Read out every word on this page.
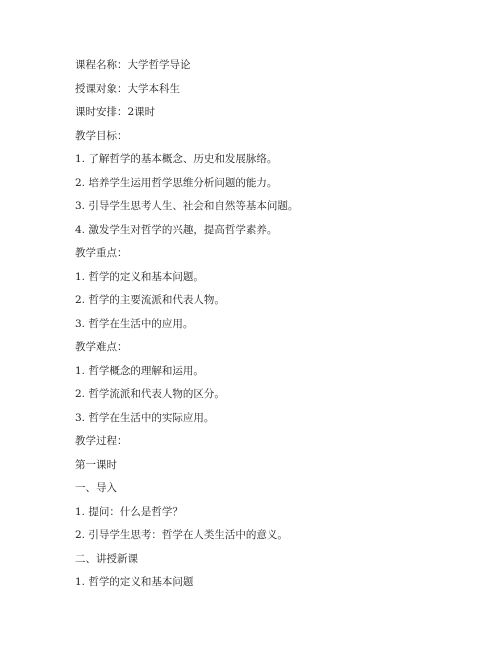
课程名称：大学哲学导论
授课对象：大学本科生
课时安排：2课时
教学目标：
1. 了解哲学的基本概念、历史和发展脉络。
2. 培养学生运用哲学思维分析问题的能力。
3. 引导学生思考人生、社会和自然等基本问题。
4. 激发学生对哲学的兴趣，提高哲学素养。
教学重点：
1. 哲学的定义和基本问题。
2. 哲学的主要流派和代表人物。
3. 哲学在生活中的应用。
教学难点：
1. 哲学概念的理解和运用。
2. 哲学流派和代表人物的区分。
3. 哲学在生活中的实际应用。
教学过程：
第一课时
一、导入
1. 提问：什么是哲学？
2. 引导学生思考：哲学在人类生活中的意义。
二、讲授新课
1. 哲学的定义和基本问题
